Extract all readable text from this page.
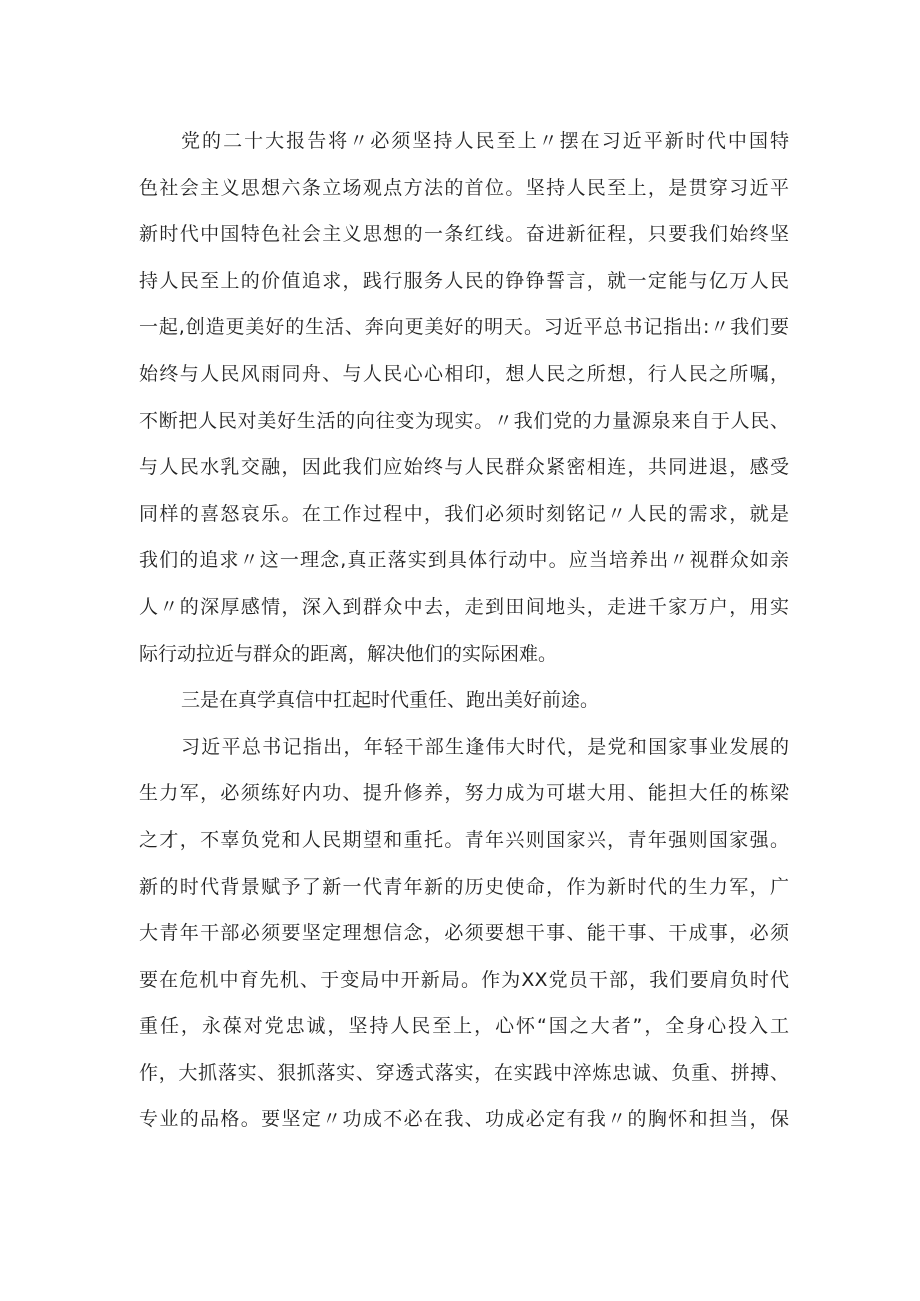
党的二十大报告将〃必须坚持人民至上〃摆在习近平新时代中国特
色社会主义思想六条立场观点方法的首位。坚持人民至上，是贯穿习近平
新时代中国特色社会主义思想的一条红线。奋进新征程，只要我们始终坚
持人民至上的价值追求，践行服务人民的铮铮誓言，就一定能与亿万人民
一起,创造更美好的生活、奔向更美好的明天。习近平总书记指出:〃我们要
始终与人民风雨同舟、与人民心心相印，想人民之所想，行人民之所嘱，
不断把人民对美好生活的向往变为现实。〃我们党的力量源泉来自于人民、
与人民水乳交融，因此我们应始终与人民群众紧密相连，共同进退，感受
同样的喜怒哀乐。在工作过程中，我们必须时刻铭记〃人民的需求，就是
我们的追求〃这一理念,真正落实到具体行动中。应当培养出〃视群众如亲
人〃的深厚感情，深入到群众中去，走到田间地头，走进千家万户，用实
际行动拉近与群众的距离，解决他们的实际困难。
三是在真学真信中扛起时代重任、跑出美好前途。
习近平总书记指出，年轻干部生逢伟大时代，是党和国家事业发展的
生力军，必须练好内功、提升修养，努力成为可堪大用、能担大任的栋梁
之才，不辜负党和人民期望和重托。青年兴则国家兴，青年强则国家强。
新的时代背景赋予了新一代青年新的历史使命，作为新时代的生力军，广
大青年干部必须要坚定理想信念，必须要想干事、能干事、干成事，必须
要在危机中育先机、于变局中开新局。作为XX党员干部，我们要肩负时代
重任，永葆对党忠诚，坚持人民至上，心怀“国之大者”，全身心投入工
作，大抓落实、狠抓落实、穿透式落实，在实践中淬炼忠诚、负重、拼搏、
专业的品格。要坚定〃功成不必在我、功成必定有我〃的胸怀和担当，保
